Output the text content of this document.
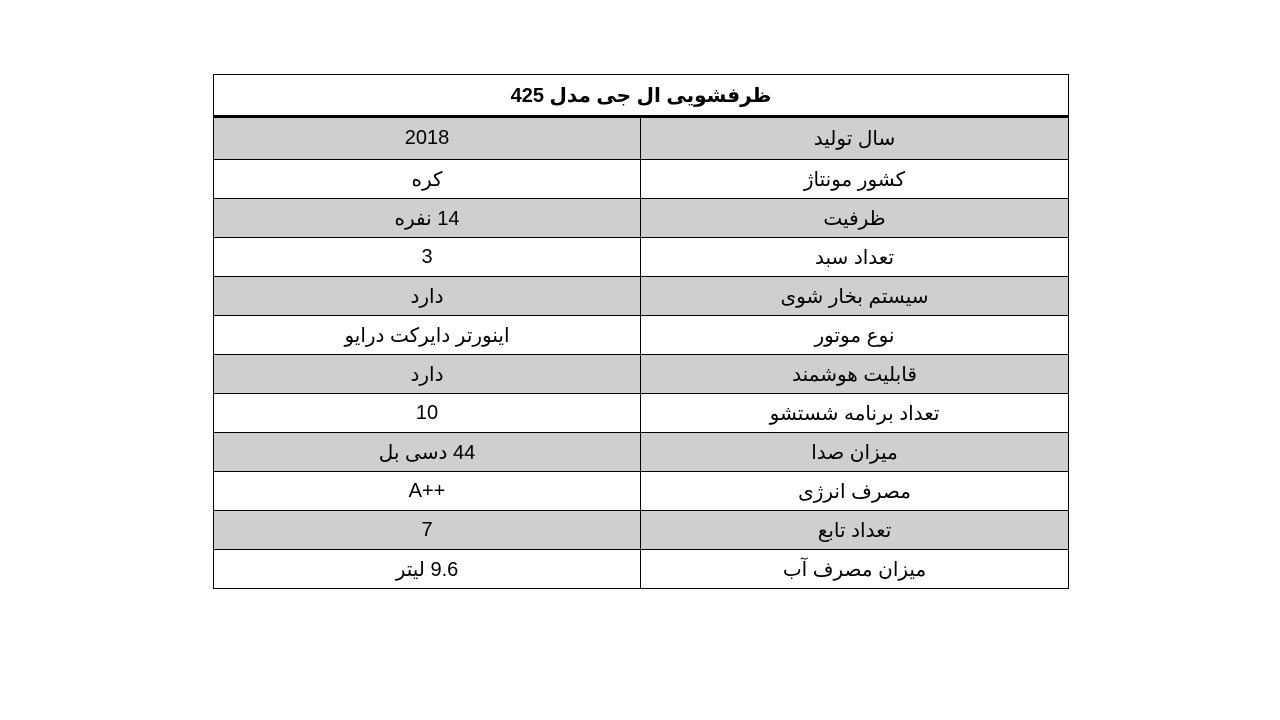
ظرفشویی ال جی مدل 425	
2018	سال تولید
کره	کشور مونتاژ
14 نفره	ظرفیت
3	تعداد سبد
دارد	سیستم بخار شوی
اینورتر دایرکت درایو	نوع موتور
دارد	قابلیت هوشمند
10	تعداد برنامه شستشو
44 دسی بل	میزان صدا
A++	مصرف انرژی
7	تعداد تابع
9.6 لیتر	میزان مصرف آب
